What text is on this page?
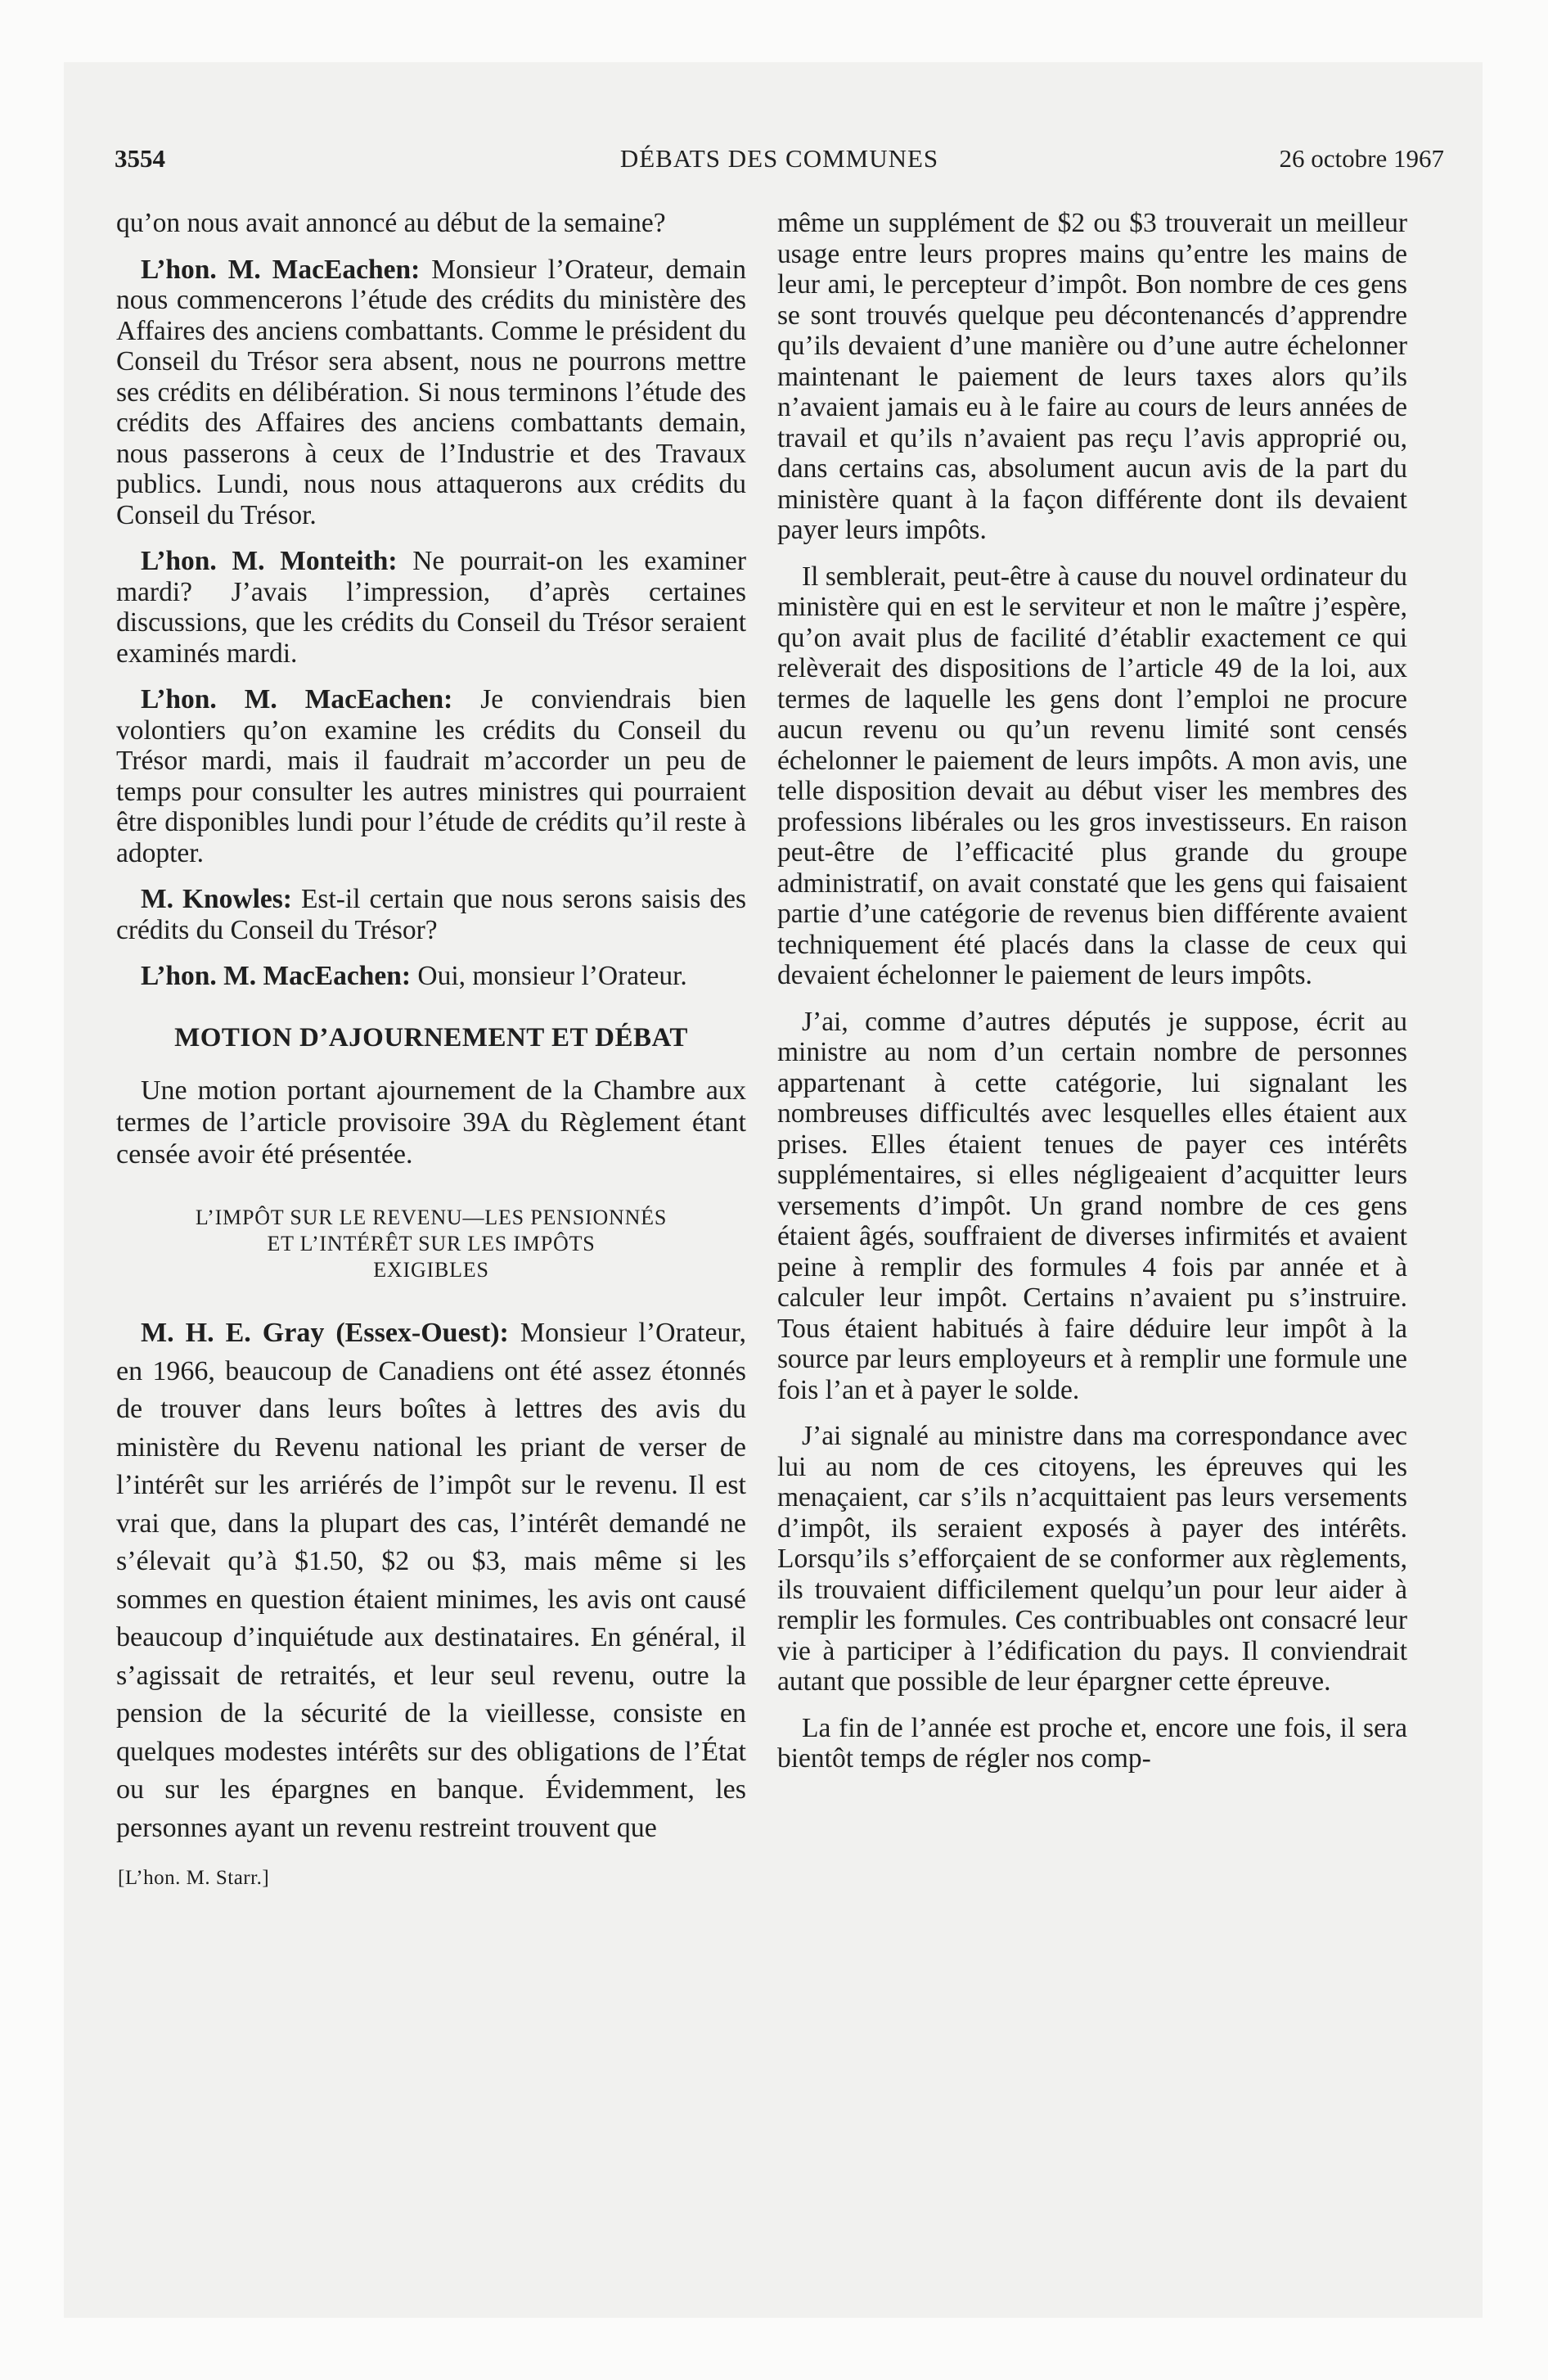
3554	DÉBATS DES COMMUNES	26 octobre 1967

qu’on nous avait annoncé au début de la semaine?

L’hon. M. MacEachen: Monsieur l’Orateur, demain nous commencerons l’étude des crédits du ministère des Affaires des anciens combattants. Comme le président du Conseil du Trésor sera absent, nous ne pourrons mettre ses crédits en délibération. Si nous terminons l’étude des crédits des Affaires des anciens combattants demain, nous passerons à ceux de l’Industrie et des Travaux publics. Lundi, nous nous attaquerons aux crédits du Conseil du Trésor.

L’hon. M. Monteith: Ne pourrait-on les examiner mardi? J’avais l’impression, d’après certaines discussions, que les crédits du Conseil du Trésor seraient examinés mardi.

L’hon. M. MacEachen: Je conviendrais bien volontiers qu’on examine les crédits du Conseil du Trésor mardi, mais il faudrait m’accorder un peu de temps pour consulter les autres ministres qui pourraient être disponibles lundi pour l’étude de crédits qu’il reste à adopter.

M. Knowles: Est-il certain que nous serons saisis des crédits du Conseil du Trésor?

L’hon. M. MacEachen: Oui, monsieur l’Orateur.

MOTION D’AJOURNEMENT ET DÉBAT

Une motion portant ajournement de la Chambre aux termes de l’article provisoire 39A du Règlement étant censée avoir été présentée.

L’IMPÔT SUR LE REVENU—LES PENSIONNÉS
ET L’INTÉRÊT SUR LES IMPÔTS
EXIGIBLES

M. H. E. Gray (Essex-Ouest): Monsieur l’Orateur, en 1966, beaucoup de Canadiens ont été assez étonnés de trouver dans leurs boîtes à lettres des avis du ministère du Revenu national les priant de verser de l’intérêt sur les arriérés de l’impôt sur le revenu. Il est vrai que, dans la plupart des cas, l’intérêt demandé ne s’élevait qu’à $1.50, $2 ou $3, mais même si les sommes en question étaient minimes, les avis ont causé beaucoup d’inquiétude aux destinataires. En général, il s’agissait de retraités, et leur seul revenu, outre la pension de la sécurité de la vieillesse, consiste en quelques modestes intérêts sur des obligations de l’État ou sur les épargnes en banque. Évidemment, les personnes ayant un revenu restreint trouvent que

[L’hon. M. Starr.]

même un supplément de $2 ou $3 trouverait un meilleur usage entre leurs propres mains qu’entre les mains de leur ami, le percepteur d’impôt. Bon nombre de ces gens se sont trouvés quelque peu décontenancés d’apprendre qu’ils devaient d’une manière ou d’une autre échelonner maintenant le paiement de leurs taxes alors qu’ils n’avaient jamais eu à le faire au cours de leurs années de travail et qu’ils n’avaient pas reçu l’avis approprié ou, dans certains cas, absolument aucun avis de la part du ministère quant à la façon différente dont ils devaient payer leurs impôts.

Il semblerait, peut-être à cause du nouvel ordinateur du ministère qui en est le serviteur et non le maître j’espère, qu’on avait plus de facilité d’établir exactement ce qui relèverait des dispositions de l’article 49 de la loi, aux termes de laquelle les gens dont l’emploi ne procure aucun revenu ou qu’un revenu limité sont censés échelonner le paiement de leurs impôts. A mon avis, une telle disposition devait au début viser les membres des professions libérales ou les gros investisseurs. En raison peut-être de l’efficacité plus grande du groupe administratif, on avait constaté que les gens qui faisaient partie d’une catégorie de revenus bien différente avaient techniquement été placés dans la classe de ceux qui devaient échelonner le paiement de leurs impôts.

J’ai, comme d’autres députés je suppose, écrit au ministre au nom d’un certain nombre de personnes appartenant à cette catégorie, lui signalant les nombreuses difficultés avec lesquelles elles étaient aux prises. Elles étaient tenues de payer ces intérêts supplémentaires, si elles négligeaient d’acquitter leurs versements d’impôt. Un grand nombre de ces gens étaient âgés, souffraient de diverses infirmités et avaient peine à remplir des formules 4 fois par année et à calculer leur impôt. Certains n’avaient pu s’instruire. Tous étaient habitués à faire déduire leur impôt à la source par leurs employeurs et à remplir une formule une fois l’an et à payer le solde.

J’ai signalé au ministre dans ma correspondance avec lui au nom de ces citoyens, les épreuves qui les menaçaient, car s’ils n’acquittaient pas leurs versements d’impôt, ils seraient exposés à payer des intérêts. Lorsqu’ils s’efforçaient de se conformer aux règlements, ils trouvaient difficilement quelqu’un pour leur aider à remplir les formules. Ces contribuables ont consacré leur vie à participer à l’édification du pays. Il conviendrait autant que possible de leur épargner cette épreuve.

La fin de l’année est proche et, encore une fois, il sera bientôt temps de régler nos comp-
